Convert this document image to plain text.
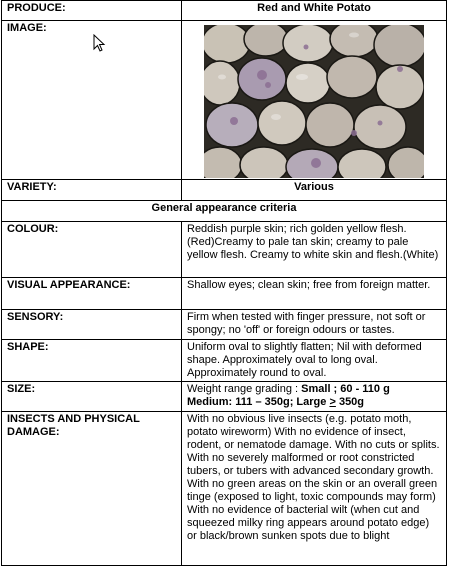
PRODUCE:	Red and White Potato
IMAGE:	

VARIETY:	Various
General appearance criteria	
COLOUR:	Reddish purple skin; rich golden yellow flesh.(Red)Creamy to pale tan skin; creamy to pale yellow flesh. Creamy to white skin and flesh.(White)
VISUAL APPEARANCE:	Shallow eyes; clean skin; free from foreign matter.
SENSORY:	Firm when tested with finger pressure, not soft or spongy; no 'off' or foreign odours or tastes.
SHAPE:	Uniform oval to slightly flatten; Nil with deformed shape. Approximately oval to long oval. Approximately round to oval.
SIZE:	Weight range grading : Small ; 60 - 110 g
Medium: 111 – 350g; Large > 350g
INSECTS AND PHYSICAL DAMAGE:	With no obvious live insects (e.g. potato moth, potato wireworm) With no evidence of insect, rodent, or nematode damage. With no cuts or splits. With no severely malformed or root constricted tubers, or tubers with advanced secondary growth. With no green areas on the skin or an overall green tinge (exposed to light, toxic compounds may form) With no evidence of bacterial wilt (when cut and squeezed milky ring appears around potato edge) or black/brown sunken spots due to blight
